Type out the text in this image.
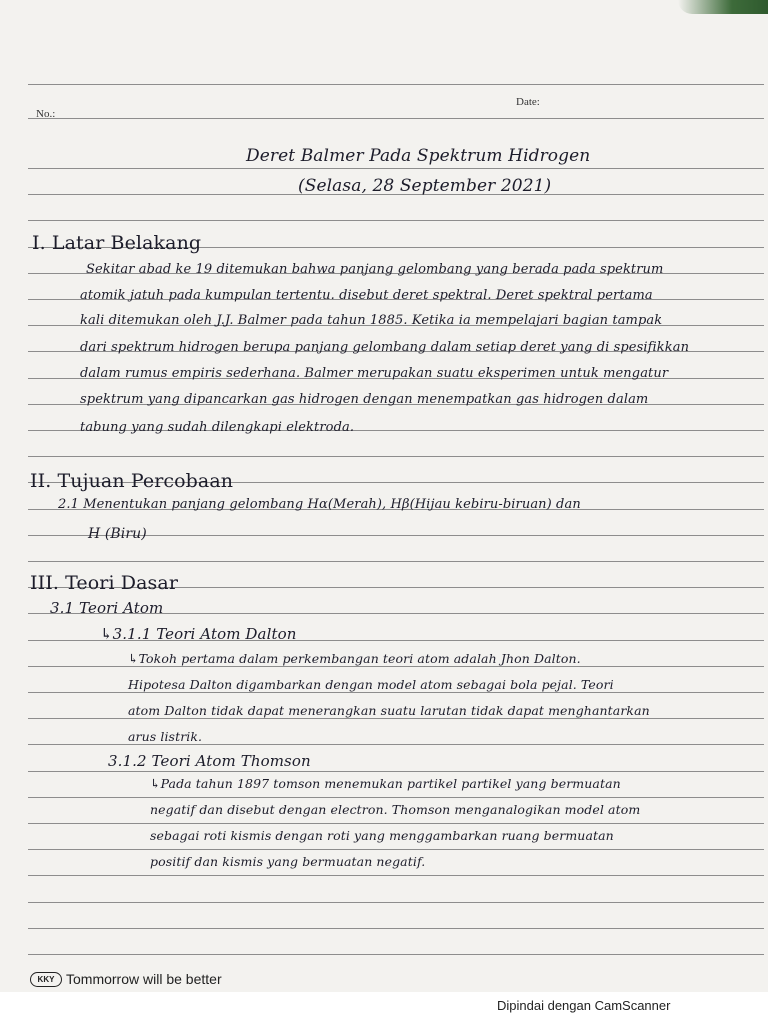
No.:
Date:
Deret Balmer Pada Spektrum Hidrogen
(Selasa, 28 September 2021)
I. Latar Belakang
Sekitar abad ke 19 ditemukan bahwa panjang gelombang yang berada pada spektrum
atomik jatuh pada kumpulan tertentu. disebut deret spektral. Deret spektral pertama
kali ditemukan oleh J.J. Balmer pada tahun 1885. Ketika ia mempelajari bagian tampak
dari spektrum hidrogen berupa panjang gelombang dalam setiap deret yang di spesifikkan
dalam rumus empiris sederhana. Balmer merupakan suatu eksperimen untuk mengatur
spektrum yang dipancarkan gas hidrogen dengan menempatkan gas hidrogen dalam
tabung yang sudah dilengkapi elektroda.
II. Tujuan Percobaan
2.1 Menentukan panjang gelombang Hα(Merah), Hβ(Hijau kebiru-biruan) dan
H (Biru)
III. Teori Dasar
3.1 Teori Atom
↳3.1.1 Teori Atom Dalton
↳Tokoh pertama dalam perkembangan teori atom adalah Jhon Dalton.
Hipotesa Dalton digambarkan dengan model atom sebagai bola pejal. Teori
atom Dalton tidak dapat menerangkan suatu larutan tidak dapat menghantarkan
arus listrik.
3.1.2 Teori Atom Thomson
↳Pada tahun 1897 tomson menemukan partikel partikel yang bermuatan
negatif dan disebut dengan electron. Thomson menganalogikan model atom
sebagai roti kismis dengan roti yang menggambarkan ruang bermuatan
positif dan kismis yang bermuatan negatif.
KKY Tommorrow will be better
Dipindai dengan CamScanner
